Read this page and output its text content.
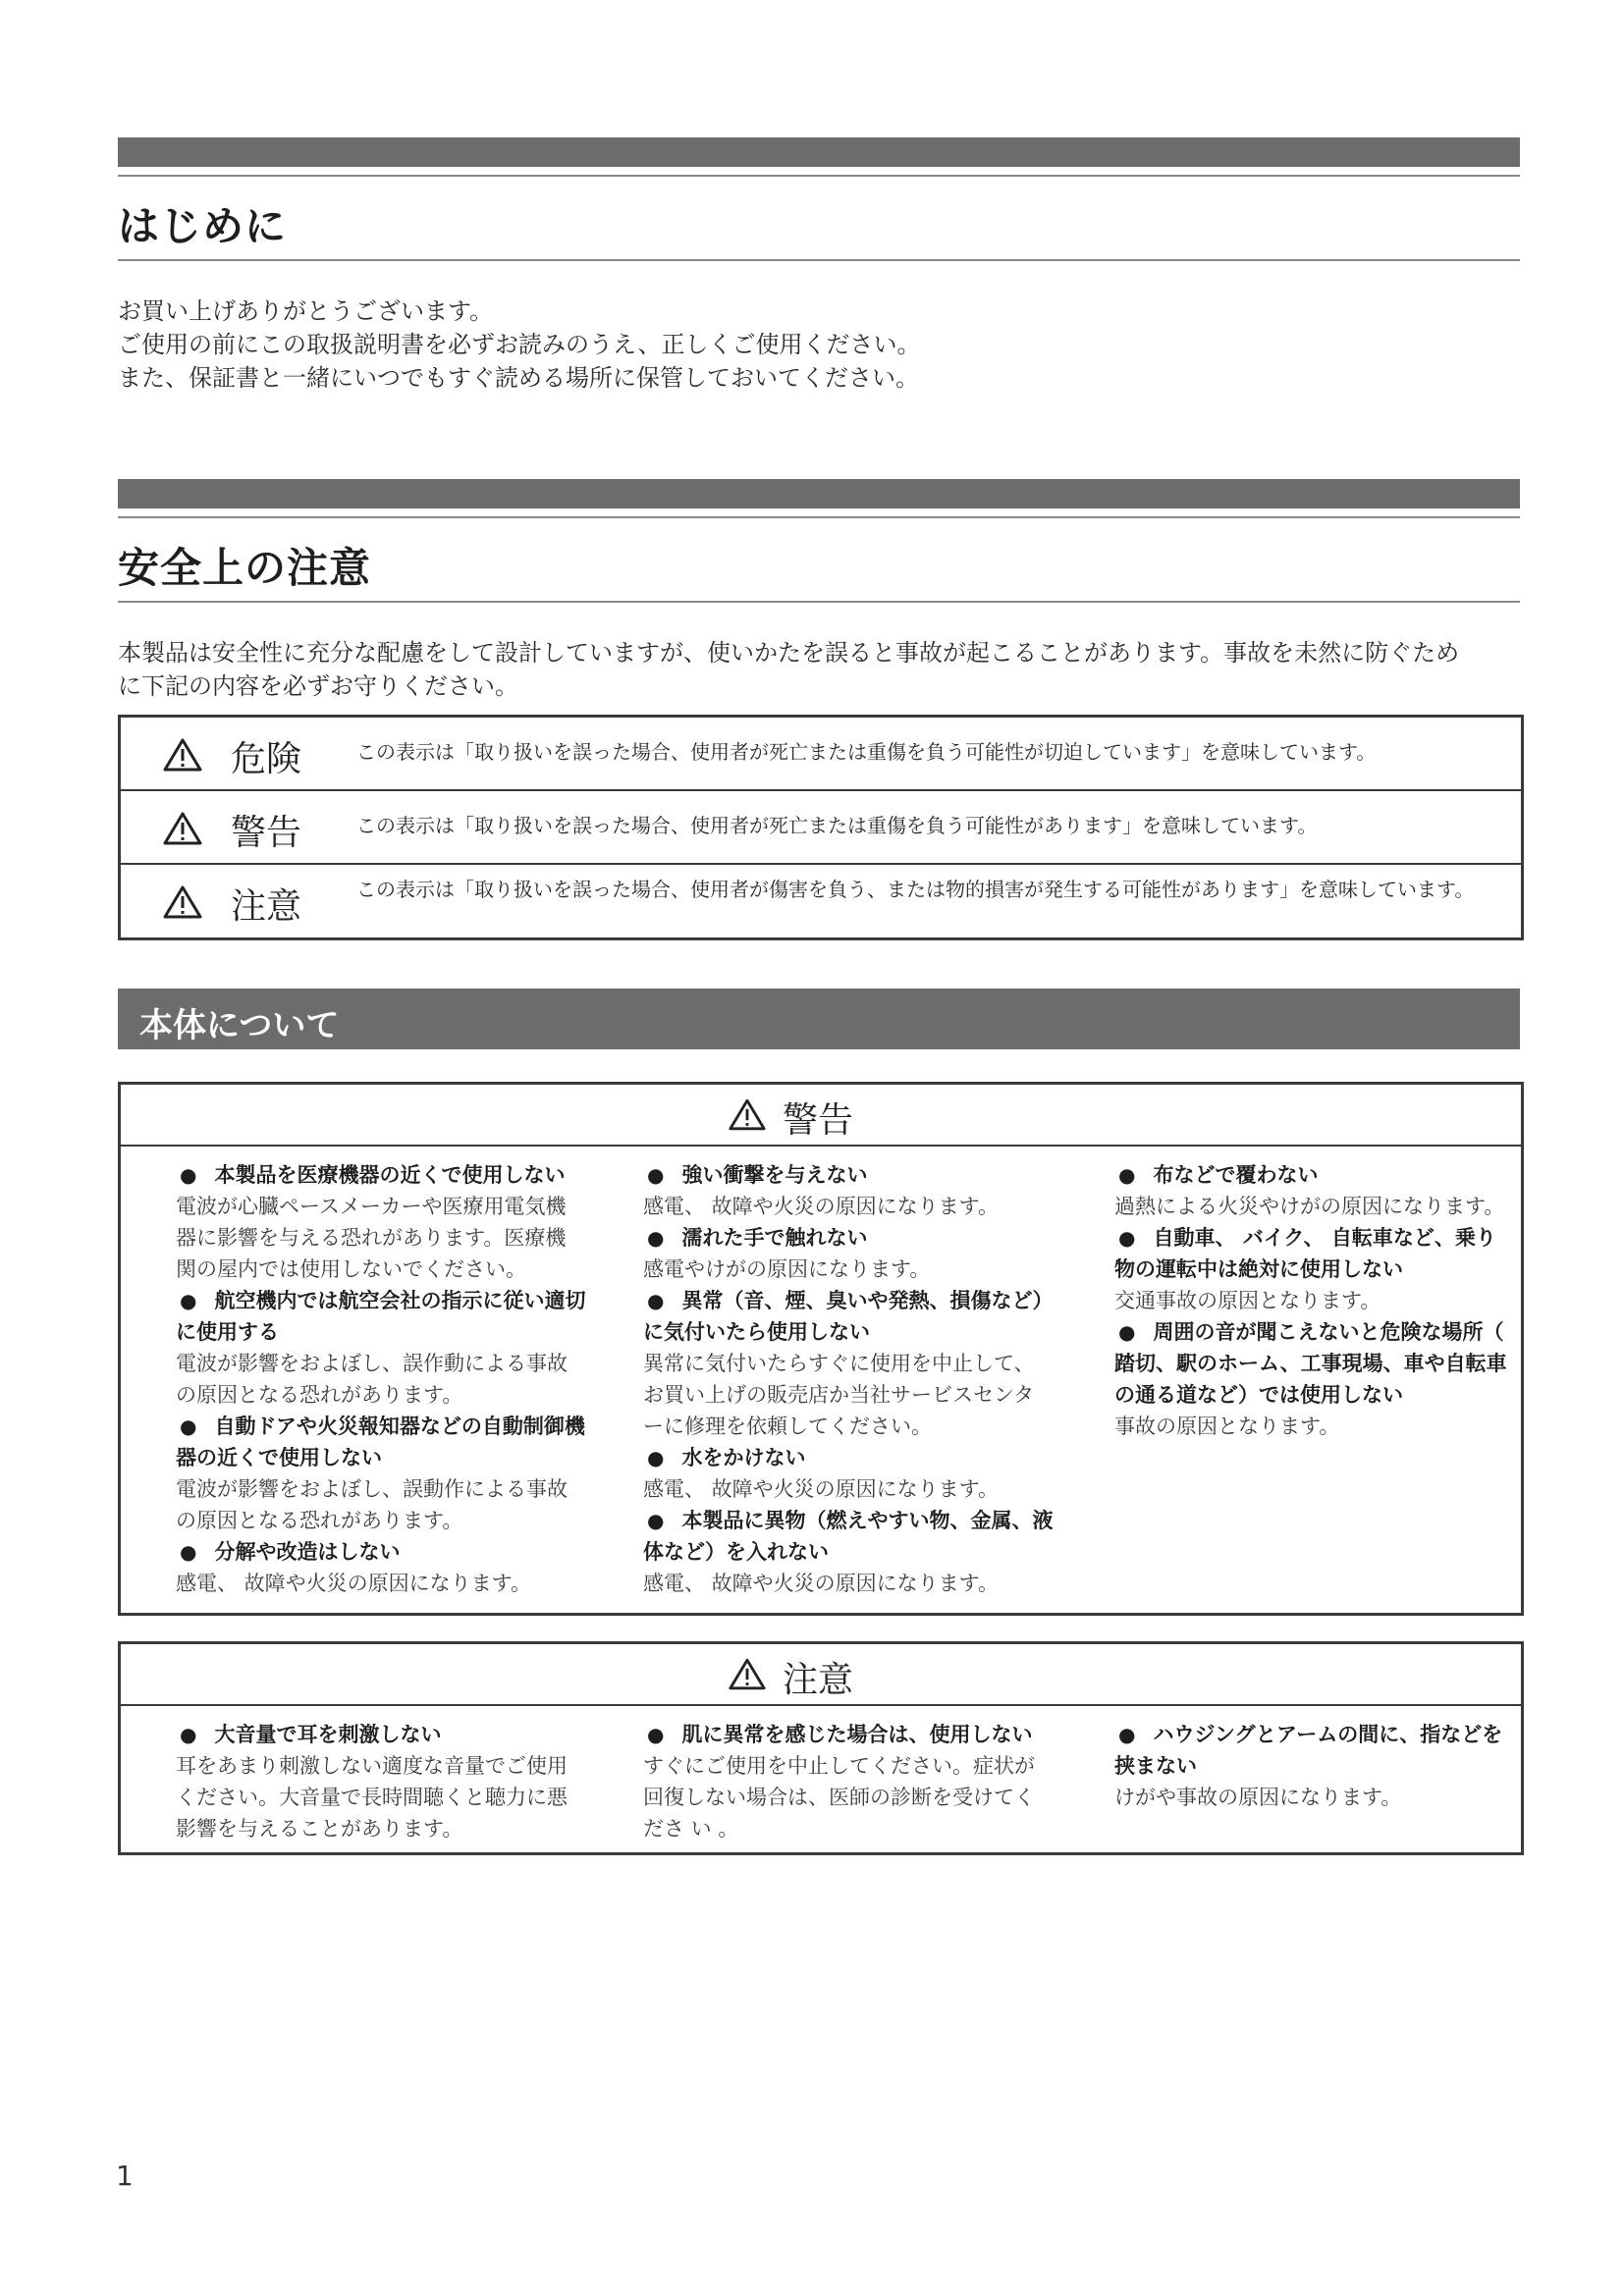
はじめに

お買い上げありがとうございます。

ご使用の前にこの取扱説明書を必ずお読みのうえ、正しくご使用ください。

また、保証書と一緒にいつでもすぐ読める場所に保管しておいてください。

安全上の注意

本製品は安全性に充分な配慮をして設計していますが、使いかたを誤ると事故が起こることがあります。事故を未然に防ぐため

に下記の内容を必ずお守りください。

危険	この表示は「取り扱いを誤った場合、使用者が死亡または重傷を負う可能性が切迫しています」を意味しています。
警告	この表示は「取り扱いを誤った場合、使用者が死亡または重傷を負う可能性があります」を意味しています。
注意	この表示は「取り扱いを誤った場合、使用者が傷害を負う、または物的損害が発生する可能性があります」を意味しています。
本体について
警告
● 本製品を医療機器の近くで使用しない
電波が心臓ペースメーカーや医療用電気機器に影響を与える恐れがあります。医療機関の屋内では使用しないでください。
● 航空機内では航空会社の指示に従い適切に使用する
電波が影響をおよぼし、誤作動による事故の原因となる恐れがあります。
● 自動ドアや火災報知器などの自動制御機器の近くで使用しない
電波が影響をおよぼし、誤動作による事故の原因となる恐れがあります。
● 分解や改造はしない
感電、 故障や火災の原因になります。
● 強い衝撃を与えない
感電、 故障や火災の原因になります。
● 濡れた手で触れない
感電やけがの原因になります。
● 異常（音、煙、臭いや発熱、損傷など）に気付いたら使用しない
異常に気付いたらすぐに使用を中止して、お買い上げの販売店か当社サービスセンターに修理を依頼してください。
● 水をかけない
感電、 故障や火災の原因になります。
● 本製品に異物（燃えやすい物、金属、液体など）を入れない
感電、 故障や火災の原因になります。
● 布などで覆わない
過熱による火災やけがの原因になります。
● 自動車、 バイク、 自転車など、乗り物の運転中は絶対に使用しない
交通事故の原因となります。
● 周囲の音が聞こえないと危険な場所（ 踏切、駅のホーム、工事現場、車や自転車の通る道など）では使用しない
事故の原因となります。
注意
● 大音量で耳を刺激しない
耳をあまり刺激しない適度な音量でご使用ください。大音量で長時間聴くと聴力に悪影響を与えることがあります。
● 肌に異常を感じた場合は、使用しない
すぐにご使用を中止してください。症状が回復しない場合は、医師の診断を受けてくださ い 。
● ハウジングとアームの間に、指などを挟まない
けがや事故の原因になります。
1
